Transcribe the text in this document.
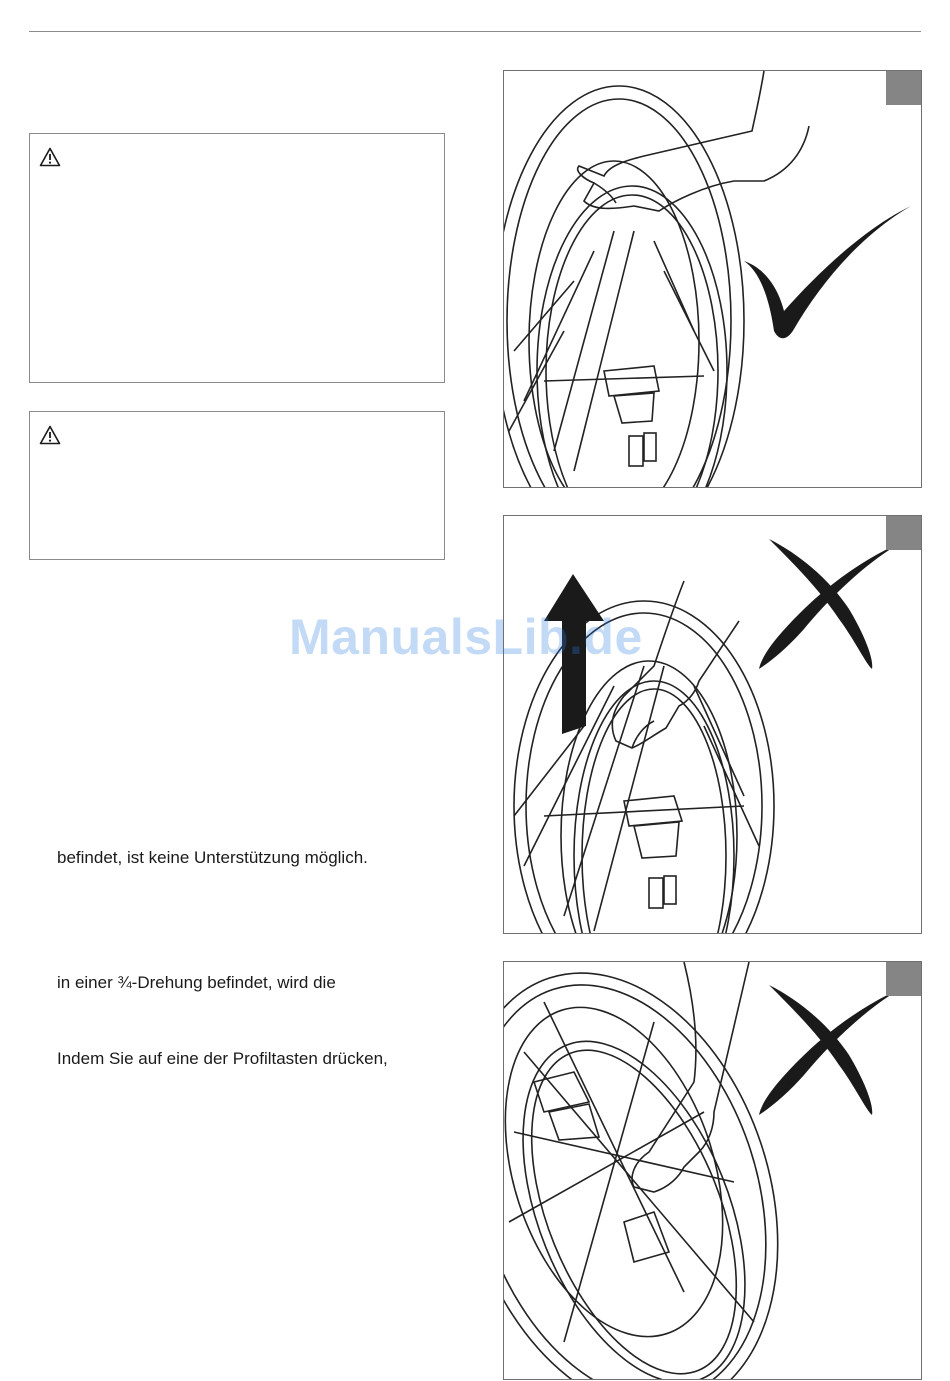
befindet, ist keine Unterstützung möglich.
in einer ¾-Drehung befindet, wird die
Indem Sie auf eine der Profiltasten drücken,
ManualsLib.de
